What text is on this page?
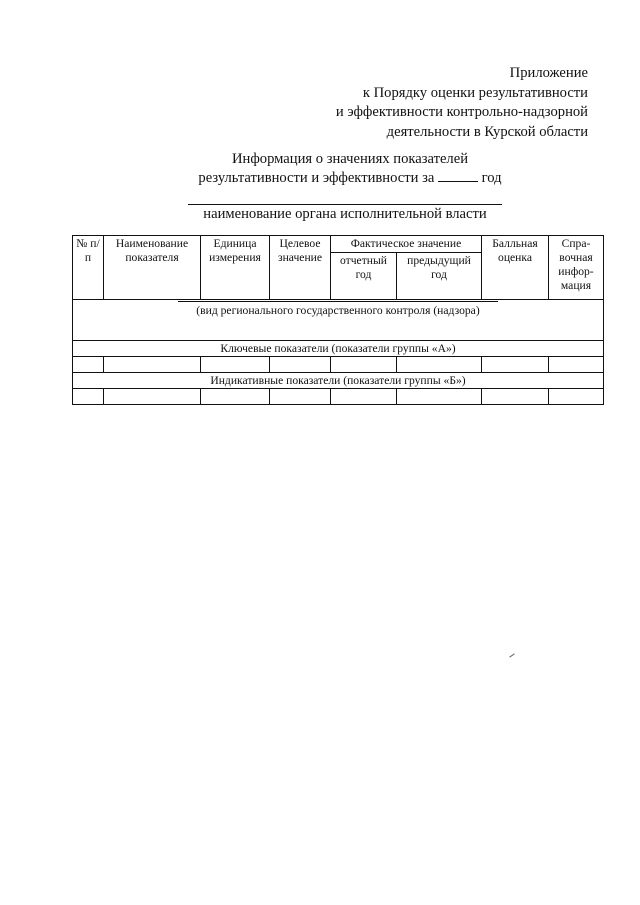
Приложение
к Порядку оценки результативности
и эффективности контрольно-надзорной
деятельности в Курской области
Информация о значениях показателей
результативности и эффективности за	год
наименование органа исполнительной власти
№ п/п	Наименование показателя	Единица измерения	Целевое значение	Фактическое значение		Балльная оценка	Спра-вочная инфор-мация
				отчетный год	предыдущий год		

(вид регионального государственного контроля (надзора)							

Ключевые показатели (показатели группы «А»)							

Индикативные показатели (показатели группы «Б»)							
